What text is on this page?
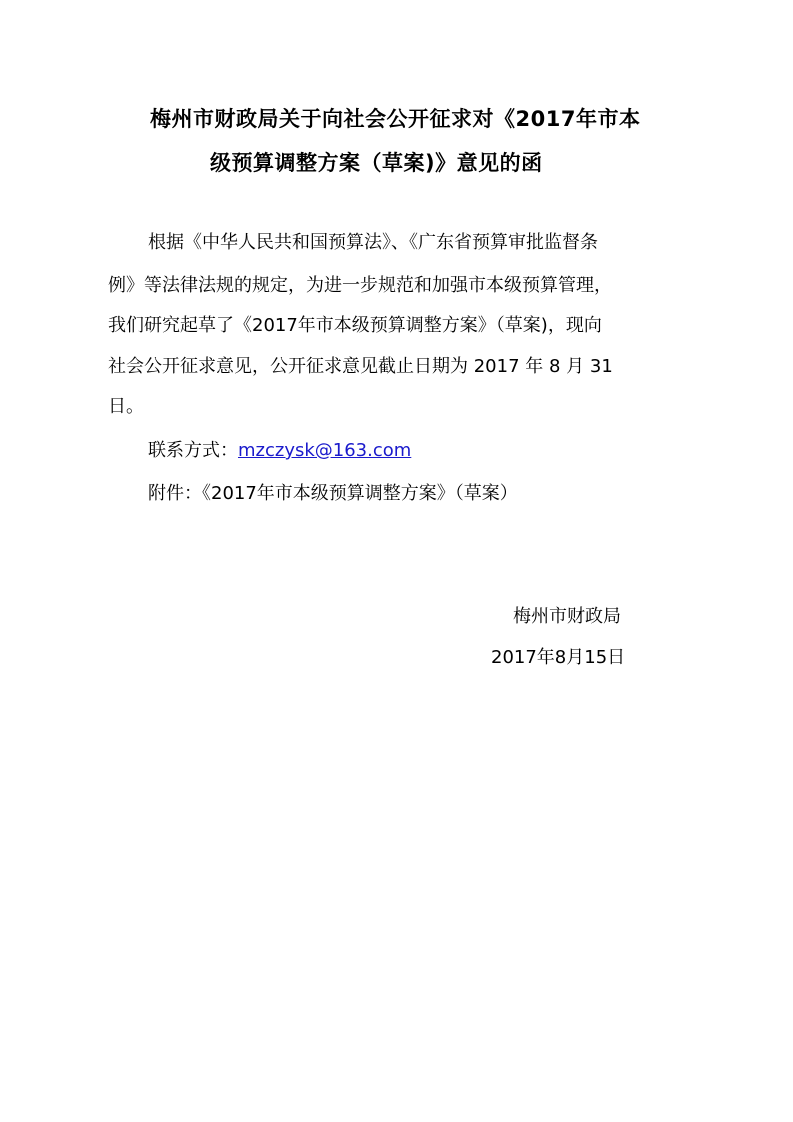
梅州市财政局关于向社会公开征求对《2017年市本
级预算调整方案（草案)》意见的函
根据《中华人民共和国预算法》、《广东省预算审批监督条
例》等法律法规的规定，为进一步规范和加强市本级预算管理，
我们研究起草了《2017年市本级预算调整方案》（草案)，现向
社会公开征求意见，公开征求意见截止日期为 2017 年 8 月 31
日。
联系方式：mzczysk@163.com
附件：《2017年市本级预算调整方案》（草案）
梅州市财政局
2017年8月15日
